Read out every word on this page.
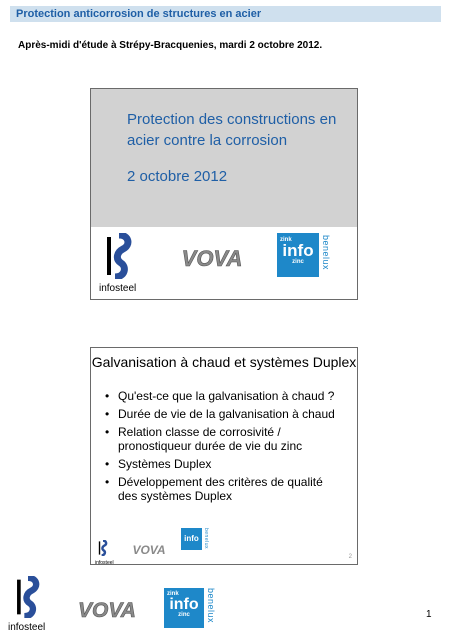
Protection anticorrosion de structures en acier
Après-midi d'étude à Strépy-Bracquenies, mardi 2 octobre 2012.
Protection des constructions en acier contre la corrosion
2 octobre 2012
infosteel
VOVA
zink
info
zinc	benelux
Galvanisation à chaud et systèmes Duplex
• Qu'est-ce que la galvanisation à chaud ?
• Durée de vie de la galvanisation à chaud
• Relation classe de corrosivité / pronostiqueur durée de vie du zinc
• Systèmes Duplex
• Développement des critères de qualité des systèmes Duplex
infosteel
VOVA
info benelux
2
infosteel
VOVA
zink
info
zinc	benelux	1
